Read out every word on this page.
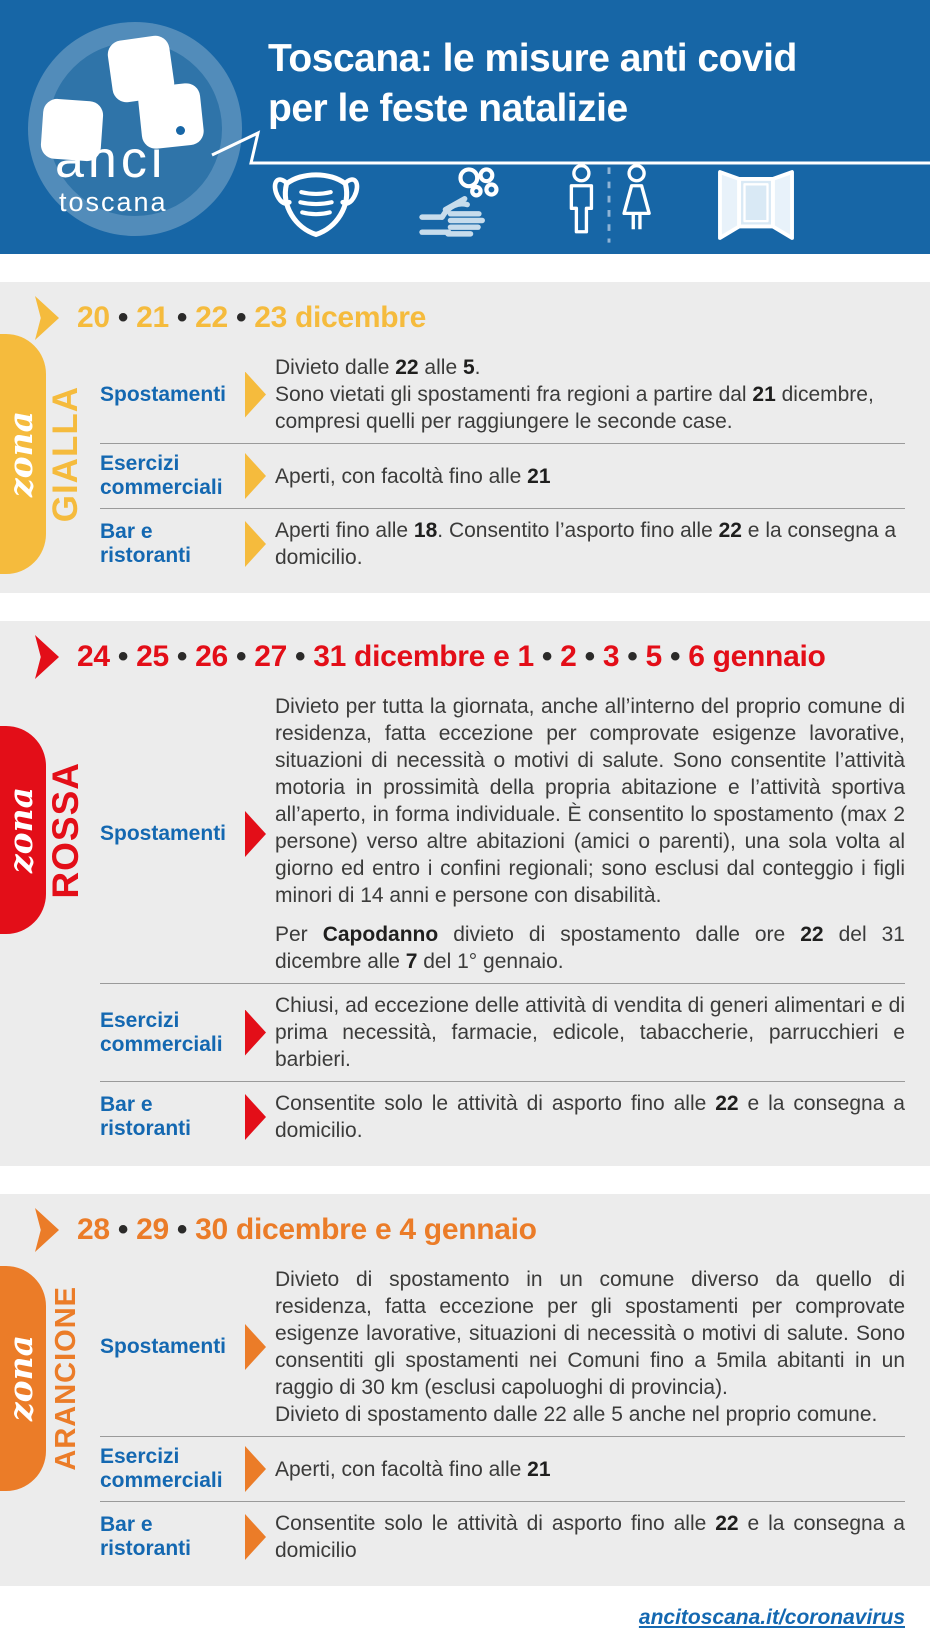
anci
toscana
Toscana: le misure anti covid
per le feste natalizie
zona GIALLA
20 • 21 • 22 • 23 dicembre
Spostamenti

Divieto dalle 22 alle 5.

Sono vietati gli spostamenti fra regioni a partire dal 21 dicembre, compresi quelli per raggiungere le seconde case.

Esercizi commerciali	Aperti, con facoltà fino alle 21

Bar e ristoranti

Aperti fino alle 18. Consentito l’asporto fino alle 22 e la consegna a domicilio.

zona ROSSA
24 • 25 • 26 • 27 • 31 dicembre e 1 • 2 • 3 • 5 • 6 gennaio
Spostamenti

Divieto per tutta la giornata, anche all’interno del proprio comune di residenza, fatta eccezione per comprovate esigenze lavorative, situazioni di necessità o motivi di salute. Sono consentite l’attività motoria in prossimità della propria abitazione e l’attività sportiva all’aperto, in forma individuale. È consentito lo spostamento (max 2 persone) verso altre abitazioni (amici o parenti), una sola volta al giorno ed entro i confini regionali; sono esclusi dal conteggio i figli minori di 14 anni e persone con disabilità.

Per Capodanno divieto di spostamento dalle ore 22 del 31 dicembre alle 7 del 1° gennaio.

Esercizi commerciali

Chiusi, ad eccezione delle attività di vendita di generi alimentari e di prima necessità, farmacie, edicole, tabaccherie, parrucchieri e barbieri.

Bar e ristoranti

Consentite solo le attività di asporto fino alle 22 e la consegna a domicilio.

zona ARANCIONE
28 • 29 • 30 dicembre e 4 gennaio
Spostamenti

Divieto di spostamento in un comune diverso da quello di residenza, fatta eccezione per gli spostamenti per comprovate esigenze lavorative, situazioni di necessità o motivi di salute. Sono consentiti gli spostamenti nei Comuni fino a 5mila abitanti in un raggio di 30 km (esclusi capoluoghi di provincia).

Divieto di spostamento dalle 22 alle 5 anche nel proprio comune.

Esercizi commerciali	Aperti, con facoltà fino alle 21

Bar e ristoranti

Consentite solo le attività di asporto fino alle 22 e la consegna a domicilio

ancitoscana.it/coronavirus
